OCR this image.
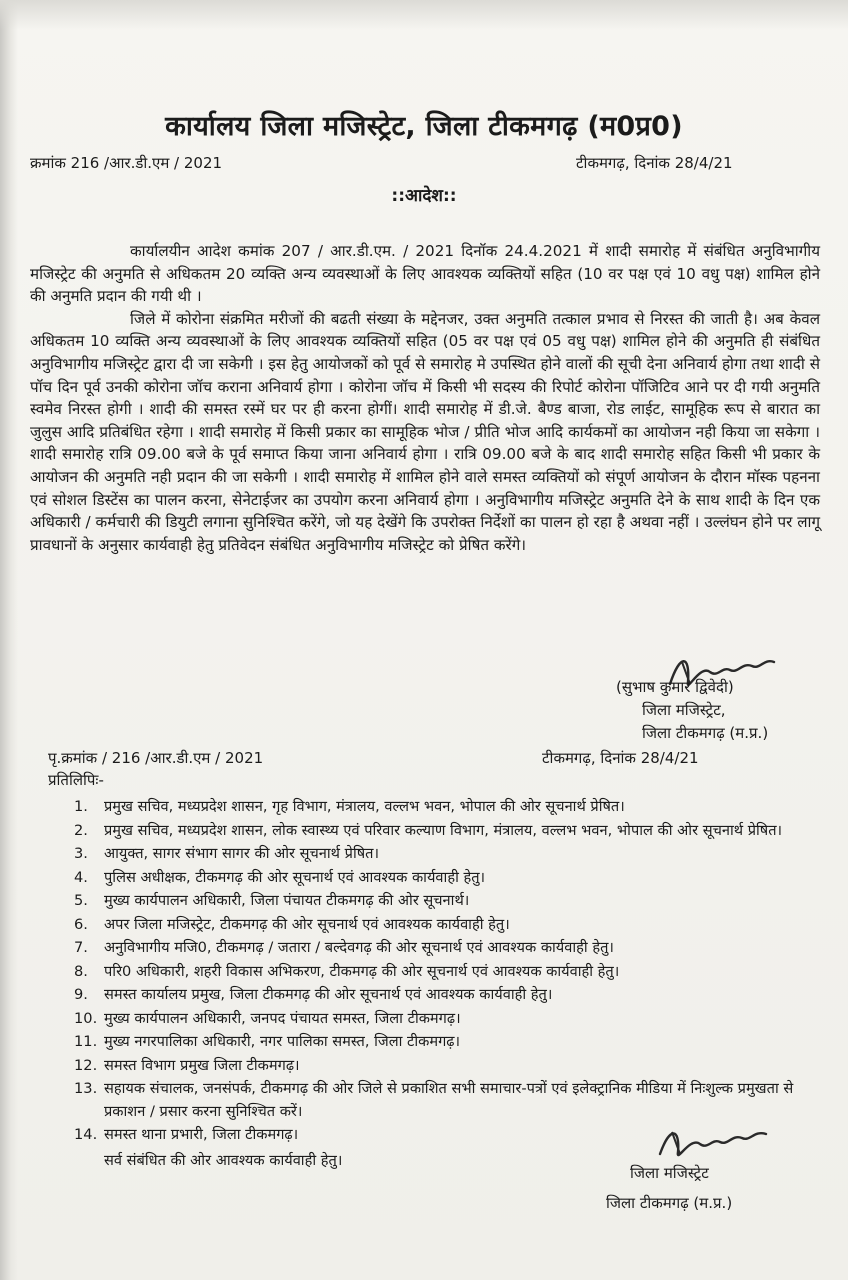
कार्यालय जिला मजिस्ट्रेट, जिला टीकमगढ़ (म0प्र0)
क्रमांक 216 /आर.डी.एम / 2021	टीकमगढ़, दिनांक 28/4/21
::आदेश::

कार्यालयीन आदेश कमांक 207 / आर.डी.एम. / 2021 दिनॉक 24.4.2021 में शादी समारोह में संबंधित अनुविभागीय मजिस्ट्रेट की अनुमति से अधिकतम 20 व्यक्ति अन्य व्यवस्थाओं के लिए आवश्यक व्यक्तियों सहित (10 वर पक्ष एवं 10 वधु पक्ष) शामिल होने की अनुमति प्रदान की गयी थी ।

जिले में कोरोना संक्रमित मरीजों की बढती संख्या के मद्देनजर, उक्त अनुमति तत्काल प्रभाव से निरस्त की जाती है। अब केवल अधिकतम 10 व्यक्ति अन्य व्यवस्थाओं के लिए आवश्यक व्यक्तियों सहित (05 वर पक्ष एवं 05 वधु पक्ष) शामिल होने की अनुमति ही संबंधित अनुविभागीय मजिस्ट्रेट द्वारा दी जा सकेगी । इस हेतु आयोजकों को पूर्व से समारोह मे उपस्थित होने वालों की सूची देना अनिवार्य होगा तथा शादी से पॉच दिन पूर्व उनकी कोरोना जॉच कराना अनिवार्य होगा । कोरोना जॉच में किसी भी सदस्य की रिपोर्ट कोरोना पॉजिटिव आने पर दी गयी अनुमति स्वमेव निरस्त होगी । शादी की समस्त रस्में घर पर ही करना होगीं। शादी समारोह में डी.जे. बैण्ड बाजा, रोड लाईट, सामूहिक रूप से बारात का जुलुस आदि प्रतिबंधित रहेगा । शादी समारोह में किसी प्रकार का सामूहिक भोज / प्रीति भोज आदि कार्यकमों का आयोजन नही किया जा सकेगा । शादी समारोह रात्रि 09.00 बजे के पूर्व समाप्त किया जाना अनिवार्य होगा । रात्रि 09.00 बजे के बाद शादी समारोह सहित किसी भी प्रकार के आयोजन की अनुमति नही प्रदान की जा सकेगी । शादी समारोह में शामिल होने वाले समस्त व्यक्तियों को संपूर्ण आयोजन के दौरान मॉस्क पहनना एवं सोशल डिस्टेंस का पालन करना, सेनेटाईजर का उपयोग करना अनिवार्य होगा । अनुविभागीय मजिस्ट्रेट अनुमति देने के साथ शादी के दिन एक अधिकारी / कर्मचारी की डियुटी लगाना सुनिश्चित करेंगे, जो यह देखेंगे कि उपरोक्त निर्देशों का पालन हो रहा है अथवा नहीं । उल्लंघन होने पर लागू प्रावधानों के अनुसार कार्यवाही हेतु प्रतिवेदन संबंधित अनुविभागीय मजिस्ट्रेट को प्रेषित करेंगे।

(सुभाष कुमार द्विवेदी)
जिला मजिस्ट्रेट,
जिला टीकमगढ़ (म.प्र.)
पृ.क्रमांक / 216 /आर.डी.एम / 2021	टीकमगढ़, दिनांक 28/4/21
प्रतिलिपिः-
1.	प्रमुख सचिव, मध्यप्रदेश शासन, गृह विभाग, मंत्रालय, वल्लभ भवन, भोपाल की ओर सूचनार्थ प्रेषित।
2.	प्रमुख सचिव, मध्यप्रदेश शासन, लोक स्वास्थ्य एवं परिवार कल्याण विभाग, मंत्रालय, वल्लभ भवन, भोपाल की ओर सूचनार्थ प्रेषित।
3.	आयुक्त, सागर संभाग सागर की ओर सूचनार्थ प्रेषित।
4.	पुलिस अधीक्षक, टीकमगढ़ की ओर सूचनार्थ एवं आवश्यक कार्यवाही हेतु।
5.	मुख्य कार्यपालन अधिकारी, जिला पंचायत टीकमगढ़ की ओर सूचनार्थ।
6.	अपर जिला मजिस्ट्रेट, टीकमगढ़ की ओर सूचनार्थ एवं आवश्यक कार्यवाही हेतु।
7.	अनुविभागीय मजि0, टीकमगढ़ / जतारा / बल्देवगढ़ की ओर सूचनार्थ एवं आवश्यक कार्यवाही हेतु।
8.	परि0 अधिकारी, शहरी विकास अभिकरण, टीकमगढ़ की ओर सूचनार्थ एवं आवश्यक कार्यवाही हेतु।
9.	समस्त कार्यालय प्रमुख, जिला टीकमगढ़ की ओर सूचनार्थ एवं आवश्यक कार्यवाही हेतु।
10. मुख्य कार्यपालन अधिकारी, जनपद पंचायत समस्त, जिला टीकमगढ़।
11. मुख्य नगरपालिका अधिकारी, नगर पालिका समस्त, जिला टीकमगढ़।
12. समस्त विभाग प्रमुख जिला टीकमगढ़।
13. सहायक संचालक, जनसंपर्क, टीकमगढ़ की ओर जिले से प्रकाशित सभी समाचार-पत्रों एवं इलेक्ट्रानिक मीडिया में निःशुल्क प्रमुखता से प्रकाशन / प्रसार करना सुनिश्चित करें।
14. समस्त थाना प्रभारी, जिला टीकमगढ़।
सर्व संबंधित की ओर आवश्यक कार्यवाही हेतु।
जिला मजिस्ट्रेट
जिला टीकमगढ़ (म.प्र.)
